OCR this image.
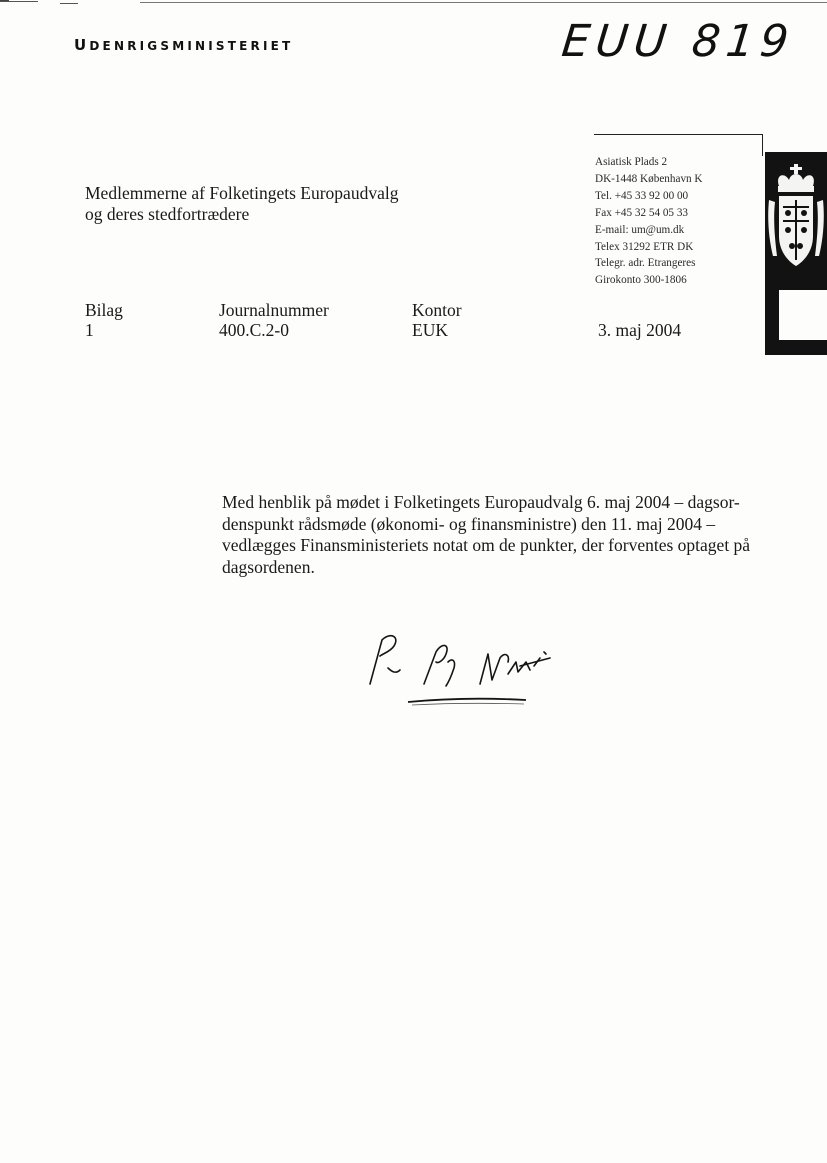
UDENRIGSMINISTERIET	EUU 819
Medlemmerne af Folketingets Europaudvalg
og deres stedfortrædere
Asiatisk Plads 2
DK-1448 København K
Tel. +45 33 92 00 00
Fax +45 32 54 05 33
E-mail: um@um.dk
Telex 31292 ETR DK
Telegr. adr. Etrangeres
Girokonto 300-1806
Bilag
1
Journalnummer
400.C.2-0
Kontor
EUK	3. maj 2004
Med henblik på mødet i Folketingets Europaudvalg 6. maj 2004 – dagsor-
denspunkt rådsmøde (økonomi- og finansministre) den 11. maj 2004 –
vedlægges Finansministeriets notat om de punkter, der forventes optaget på
dagsordenen.
